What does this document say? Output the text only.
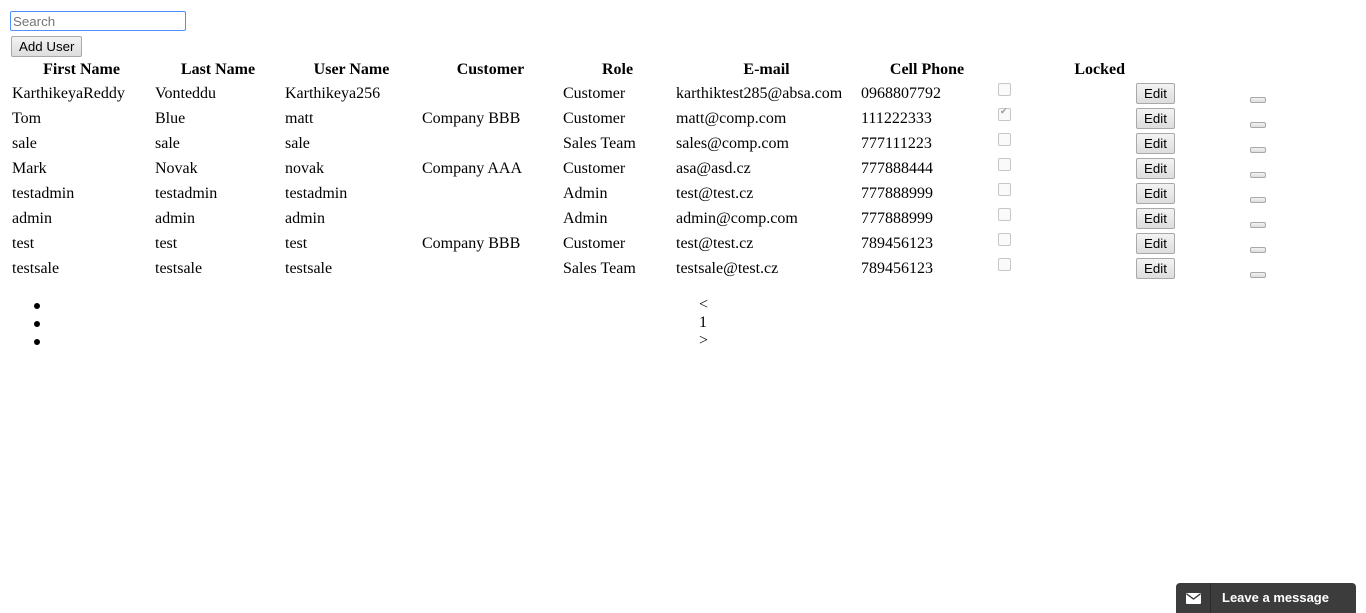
Search
Add User
First Name	Last Name	User Name	Customer	Role	E-mail	Cell Phone	Locked		
KarthikeyaReddy	Vonteddu	Karthikeya256		Customer	karthiktest285@absa.com	0968807792		Edit	
Tom	Blue	matt	Company BBB	Customer	matt@comp.com	111222333	✔	Edit	
sale	sale	sale		Sales Team	sales@comp.com	777111223		Edit	
Mark	Novak	novak	Company AAA	Customer	asa@asd.cz	777888444		Edit	
testadmin	testadmin	testadmin		Admin	test@test.cz	777888999		Edit	
admin	admin	admin		Admin	admin@comp.com	777888999		Edit	
test	test	test	Company BBB	Customer	test@test.cz	789456123		Edit	
testsale	testsale	testsale		Sales Team	testsale@test.cz	789456123		Edit	
<
1
>
Leave a message
